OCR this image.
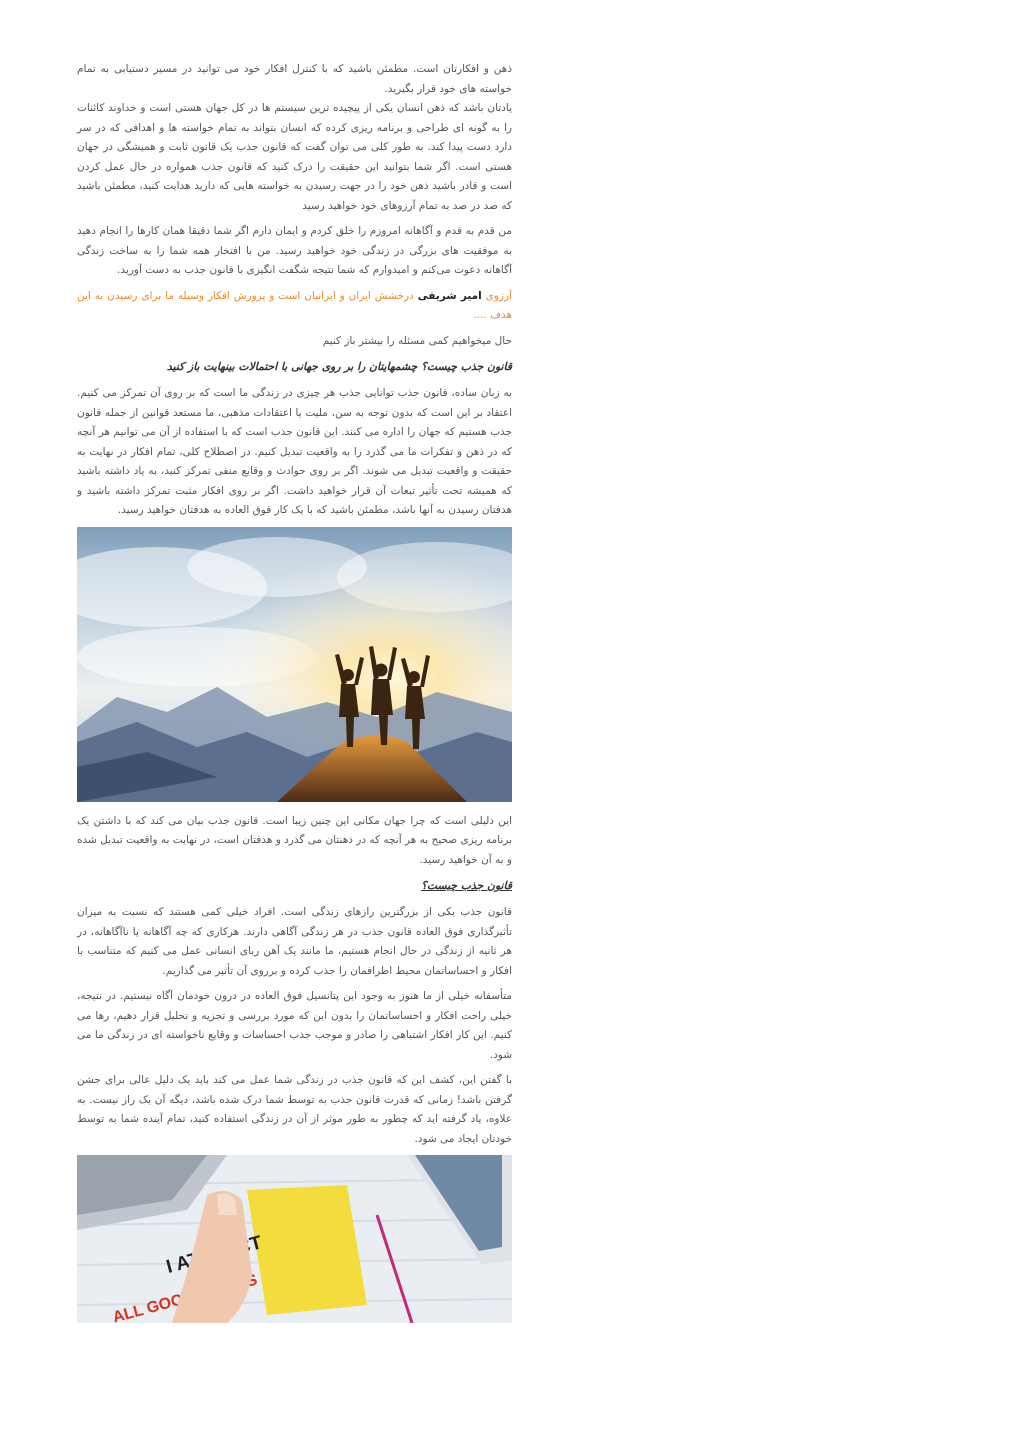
ذهن و افکارتان است. مطمئن باشید که با کنترل افکار خود می توانید در مسیر دستیابی به تمام خواسته های خود قرار بگیرید.

یادتان باشد که ذهن انسان یکی از پیچیده ترین سیستم ها در کل جهان هستی است و خداوند کائنات را به گونه ای طراحی و برنامه ریزی کرده که انسان بتواند به تمام خواسته ها و اهدافی که در سر دارد دست پیدا کند. به طور کلی می توان گفت که قانون جذب یک قانون ثابت و همیشگی در جهان هستی است. اگر شما بتوانید این حقیقت را درک کنید که قانون جذب همواره در حال عمل کردن است و قادر باشید ذهن خود را در جهت رسیدن به خواسته هایی که دارید هدایت کنید، مطمئن باشید که صد در صد به تمام آرزوهای خود خواهید رسید

من قدم به قدم و آگاهانه امروزم را خلق کردم و ایمان دارم اگر شما دقیقا همان کارها را انجام دهید به موفقیت های بزرگی در زندگی خود خواهید رسید. من با افتخار همه شما را به ساخت زندگی آگاهانه دعوت می‌کنم و امیدوارم که شما نتیجه شگفت انگیزی با قانون جذب به دست آورید.

آرزوی امیر شریفی درخشش ایران و ایرانیان است و پرورش افکار وسیله ما برای رسیدن به این هدف ....

حال میخواهیم کمی مسئله را بیشتر باز کنیم

قانون جذب چیست؟ چشمهایتان را بر روی جهانی با احتمالات بینهایت باز کنید

به زبان ساده، قانون جذب توانایی جذب هر چیزی در زندگی ما است که بر روی آن تمرکز می کنیم. اعتقاد بر این است که بدون توجه به سن، ملیت یا اعتقادات مذهبی، ما مستعد قوانین از جمله قانون جذب هستیم که جهان را اداره می کنند. این قانون جذب است که با استفاده از آن می توانیم هر آنچه که در ذهن و تفکرات ما می گذرد را به واقعیت تبدیل کنیم. در اصطلاح کلی، تمام افکار در نهایت به حقیقت و واقعیت تبدیل می شوند. اگر بر روی حوادث و وقایع منفی تمرکز کنید، به یاد داشته باشید که همیشه تحت تأثیر تبعات آن قرار خواهید داشت. اگر بر روی افکار مثبت تمرکز داشته باشید و هدفتان رسیدن به آنها باشد، مطمئن باشید که با یک کار فوق العاده به هدفتان خواهید رسید.

این دلیلی است که چرا جهان مکانی این چنین زیبا است. قانون جذب بیان می کند که با داشتن یک برنامه ریزی صحیح به هر آنچه که در ذهنتان می گذرد و هدفتان است، در نهایت به واقعیت تبدیل شده و به آن خواهید رسید.

قانون جذب چیست؟

قانون جذب یکی از بزرگترین رازهای زندگی است. افراد خیلی کمی هستند که نسبت به میزان تأثیرگذاری فوق العاده قانون جذب در هر زندگی آگاهی دارند. هرکاری که چه آگاهانه یا ناآگاهانه، در هر ثانیه از زندگی در حال انجام هستیم، ما مانند یک آهن ربای انسانی عمل می کنیم که متناسب با افکار و احساساتمان محیط اطرافمان را جذب کرده و برروی آن تأثیر می گذاریم.

متأسفانه خیلی از ما هنوز به وجود این پتانسیل فوق العاده در درون خودمان آگاه نیستیم. در نتیجه، خیلی راحت افکار و احساساتمان را بدون این که مورد بررسی و تجزیه و تحلیل قرار دهیم، رها می کنیم. این کار افکار اشتباهی را صادر و موجب جذب احساسات و وقایع ناخواسته ای در زندگی ما می شود.

با گفتن این، کشف این که قانون جذب در زندگی شما عمل می کند باید یک دلیل عالی برای جشن گرفتن باشد! زمانی که قدرت قانون جذب به توسط شما درک شده باشد، دیگه آن یک راز نیست. به علاوه، یاد گرفته اید که چطور به طور موثر از آن در زندگی استفاده کنید، تمام آینده شما به توسط خودتان ایجاد می شود.

I
ALL GOOD
